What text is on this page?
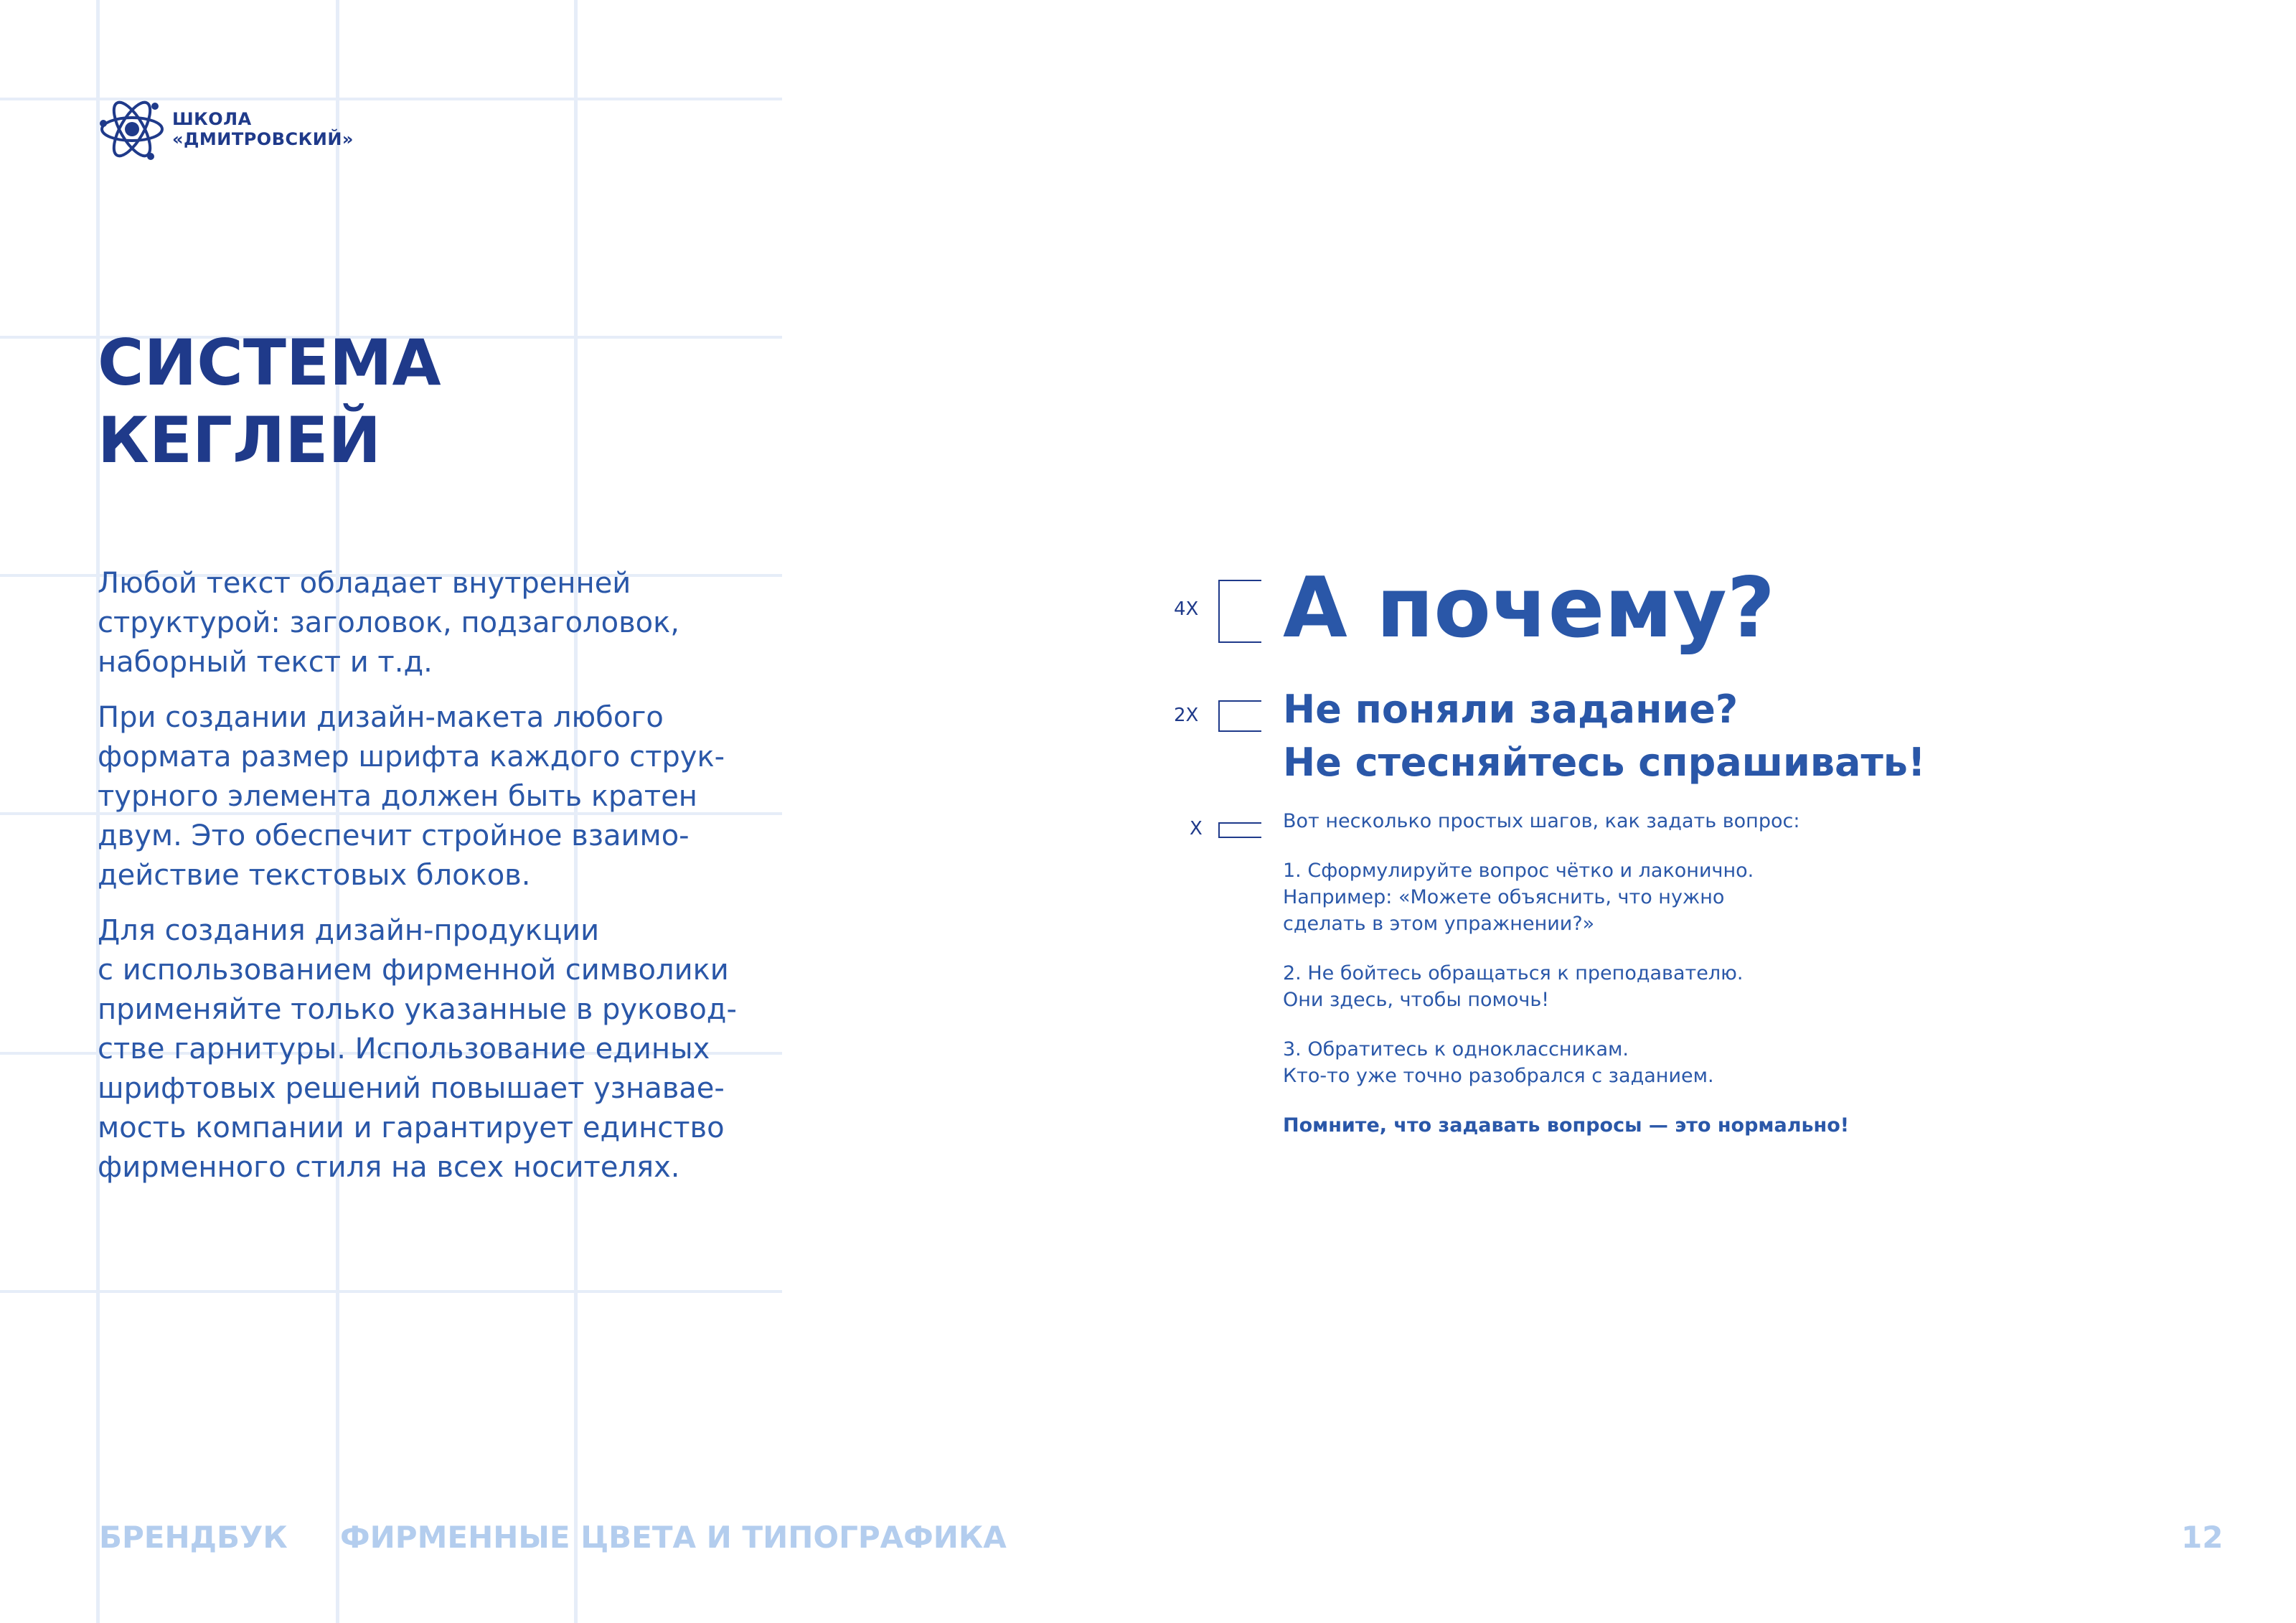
ШКОЛА
«ДМИТРОВСКИЙ»
СИСТЕМА
КЕГЛЕЙ

Любой текст обладает внутренней
структурой: заголовок, подзаголовок,
наборный текст и т.д.

При создании дизайн-макета любого
формата размер шрифта каждого струк-
турного элемента должен быть кратен
двум. Это обеспечит стройное взаимо-
действие текстовых блоков.

Для создания дизайн-продукции
с использованием фирменной символики
применяйте только указанные в руковод-
стве гарнитуры. Использование единых
шрифтовых решений повышает узнавае-
мость компании и гарантирует единство
фирменного стиля на всех носителях.

4X
2X
X
А почему?
Не поняли задание?
Не стесняйтесь спрашивать!

Вот несколько простых шагов, как задать вопрос:

1. Сформулируйте вопрос чётко и лаконично.
Например: «Можете объяснить, что нужно
сделать в этом упражнении?»

2. Не бойтесь обращаться к преподавателю.
Они здесь, чтобы помочь!

3. Обратитесь к одноклассникам.
Кто-то уже точно разобрался с заданием.

Помните, что задавать вопросы — это нормально!

БРЕНДБУК ФИРМЕННЫЕ ЦВЕТА И ТИПОГРАФИКА	12
